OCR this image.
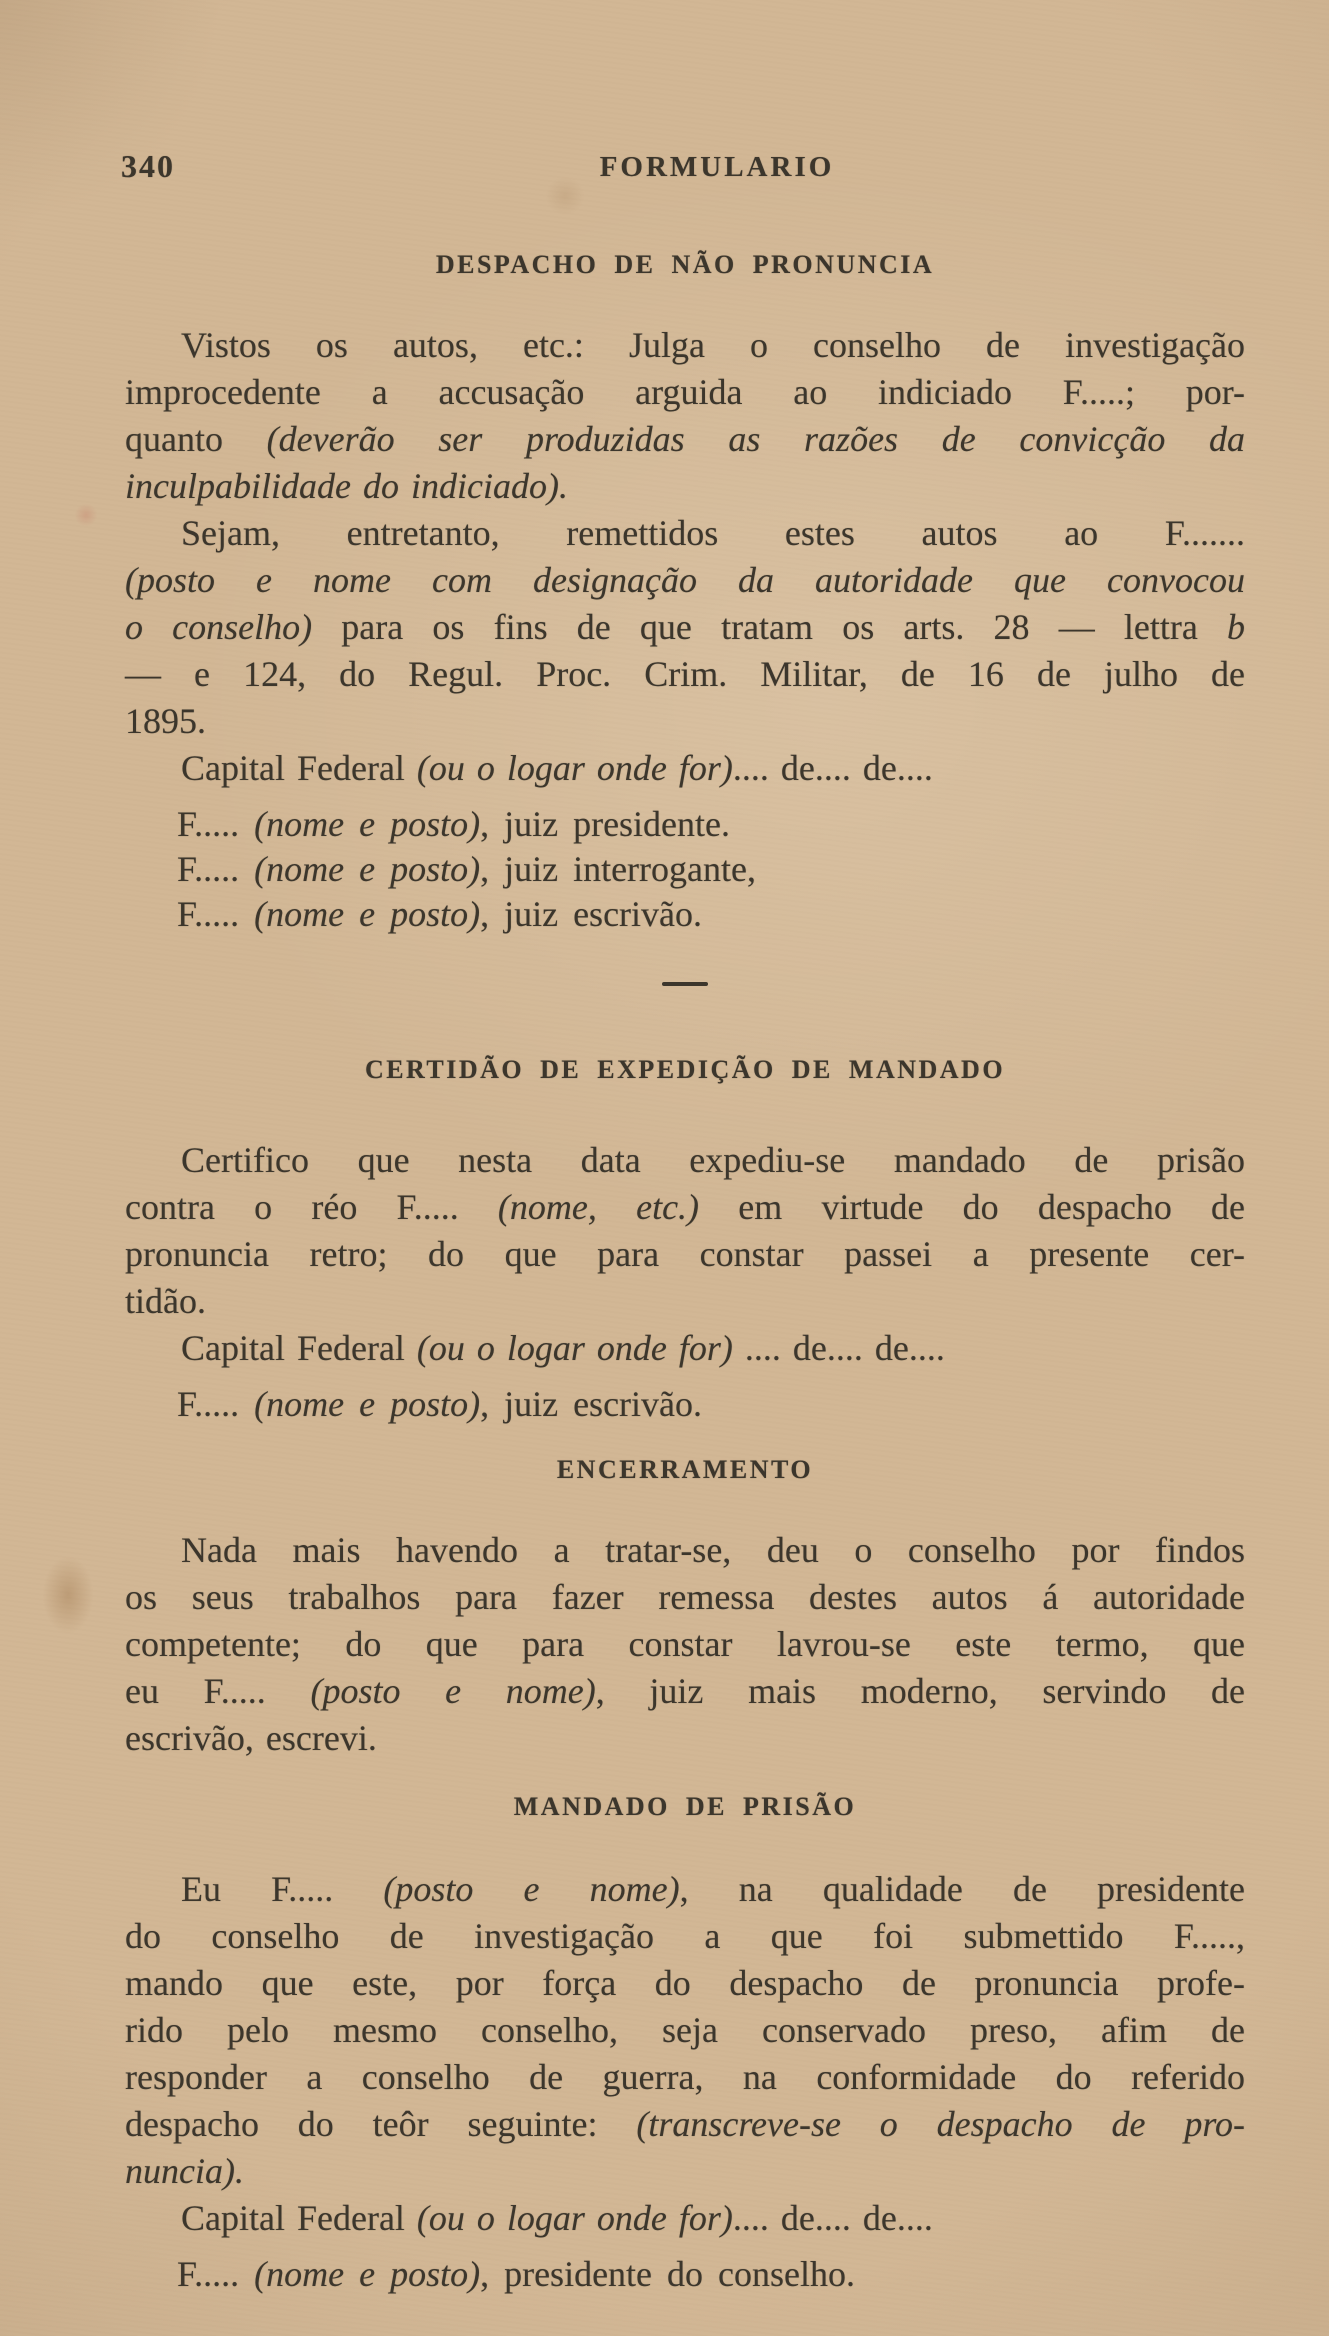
340	FORMULARIO
DESPACHO DE NÃO PRONUNCIA
Vistos os autos, etc.: Julga o conselho de investigação
improcedente a accusação arguida ao indiciado F.....; por-
quanto (deverão ser produzidas as razões de convicção da
inculpabilidade do indiciado).
Sejam, entretanto, remettidos estes autos ao F.......
(posto e nome com designação da autoridade que convocou
o conselho) para os fins de que tratam os arts. 28 — lettra b
— e 124, do Regul. Proc. Crim. Militar, de 16 de julho de
1895.
Capital Federal (ou o logar onde for).... de.... de....
F..... (nome e posto), juiz presidente.
F..... (nome e posto), juiz interrogante,
F..... (nome e posto), juiz escrivão.
CERTIDÃO DE EXPEDIÇÃO DE MANDADO
Certifico que nesta data expediu-se mandado de prisão
contra o réo F..... (nome, etc.) em virtude do despacho de
pronuncia retro; do que para constar passei a presente cer-
tidão.
Capital Federal (ou o logar onde for) .... de.... de....
F..... (nome e posto), juiz escrivão.
ENCERRAMENTO
Nada mais havendo a tratar-se, deu o conselho por findos
os seus trabalhos para fazer remessa destes autos á autoridade
competente; do que para constar lavrou-se este termo, que
eu F..... (posto e nome), juiz mais moderno, servindo de
escrivão, escrevi.
MANDADO DE PRISÃO
Eu F..... (posto e nome), na qualidade de presidente
do conselho de investigação a que foi submettido F.....,
mando que este, por força do despacho de pronuncia profe-
rido pelo mesmo conselho, seja conservado preso, afim de
responder a conselho de guerra, na conformidade do referido
despacho do teôr seguinte: (transcreve-se o despacho de pro-
nuncia).
Capital Federal (ou o logar onde for).... de.... de....
F..... (nome e posto), presidente do conselho.
